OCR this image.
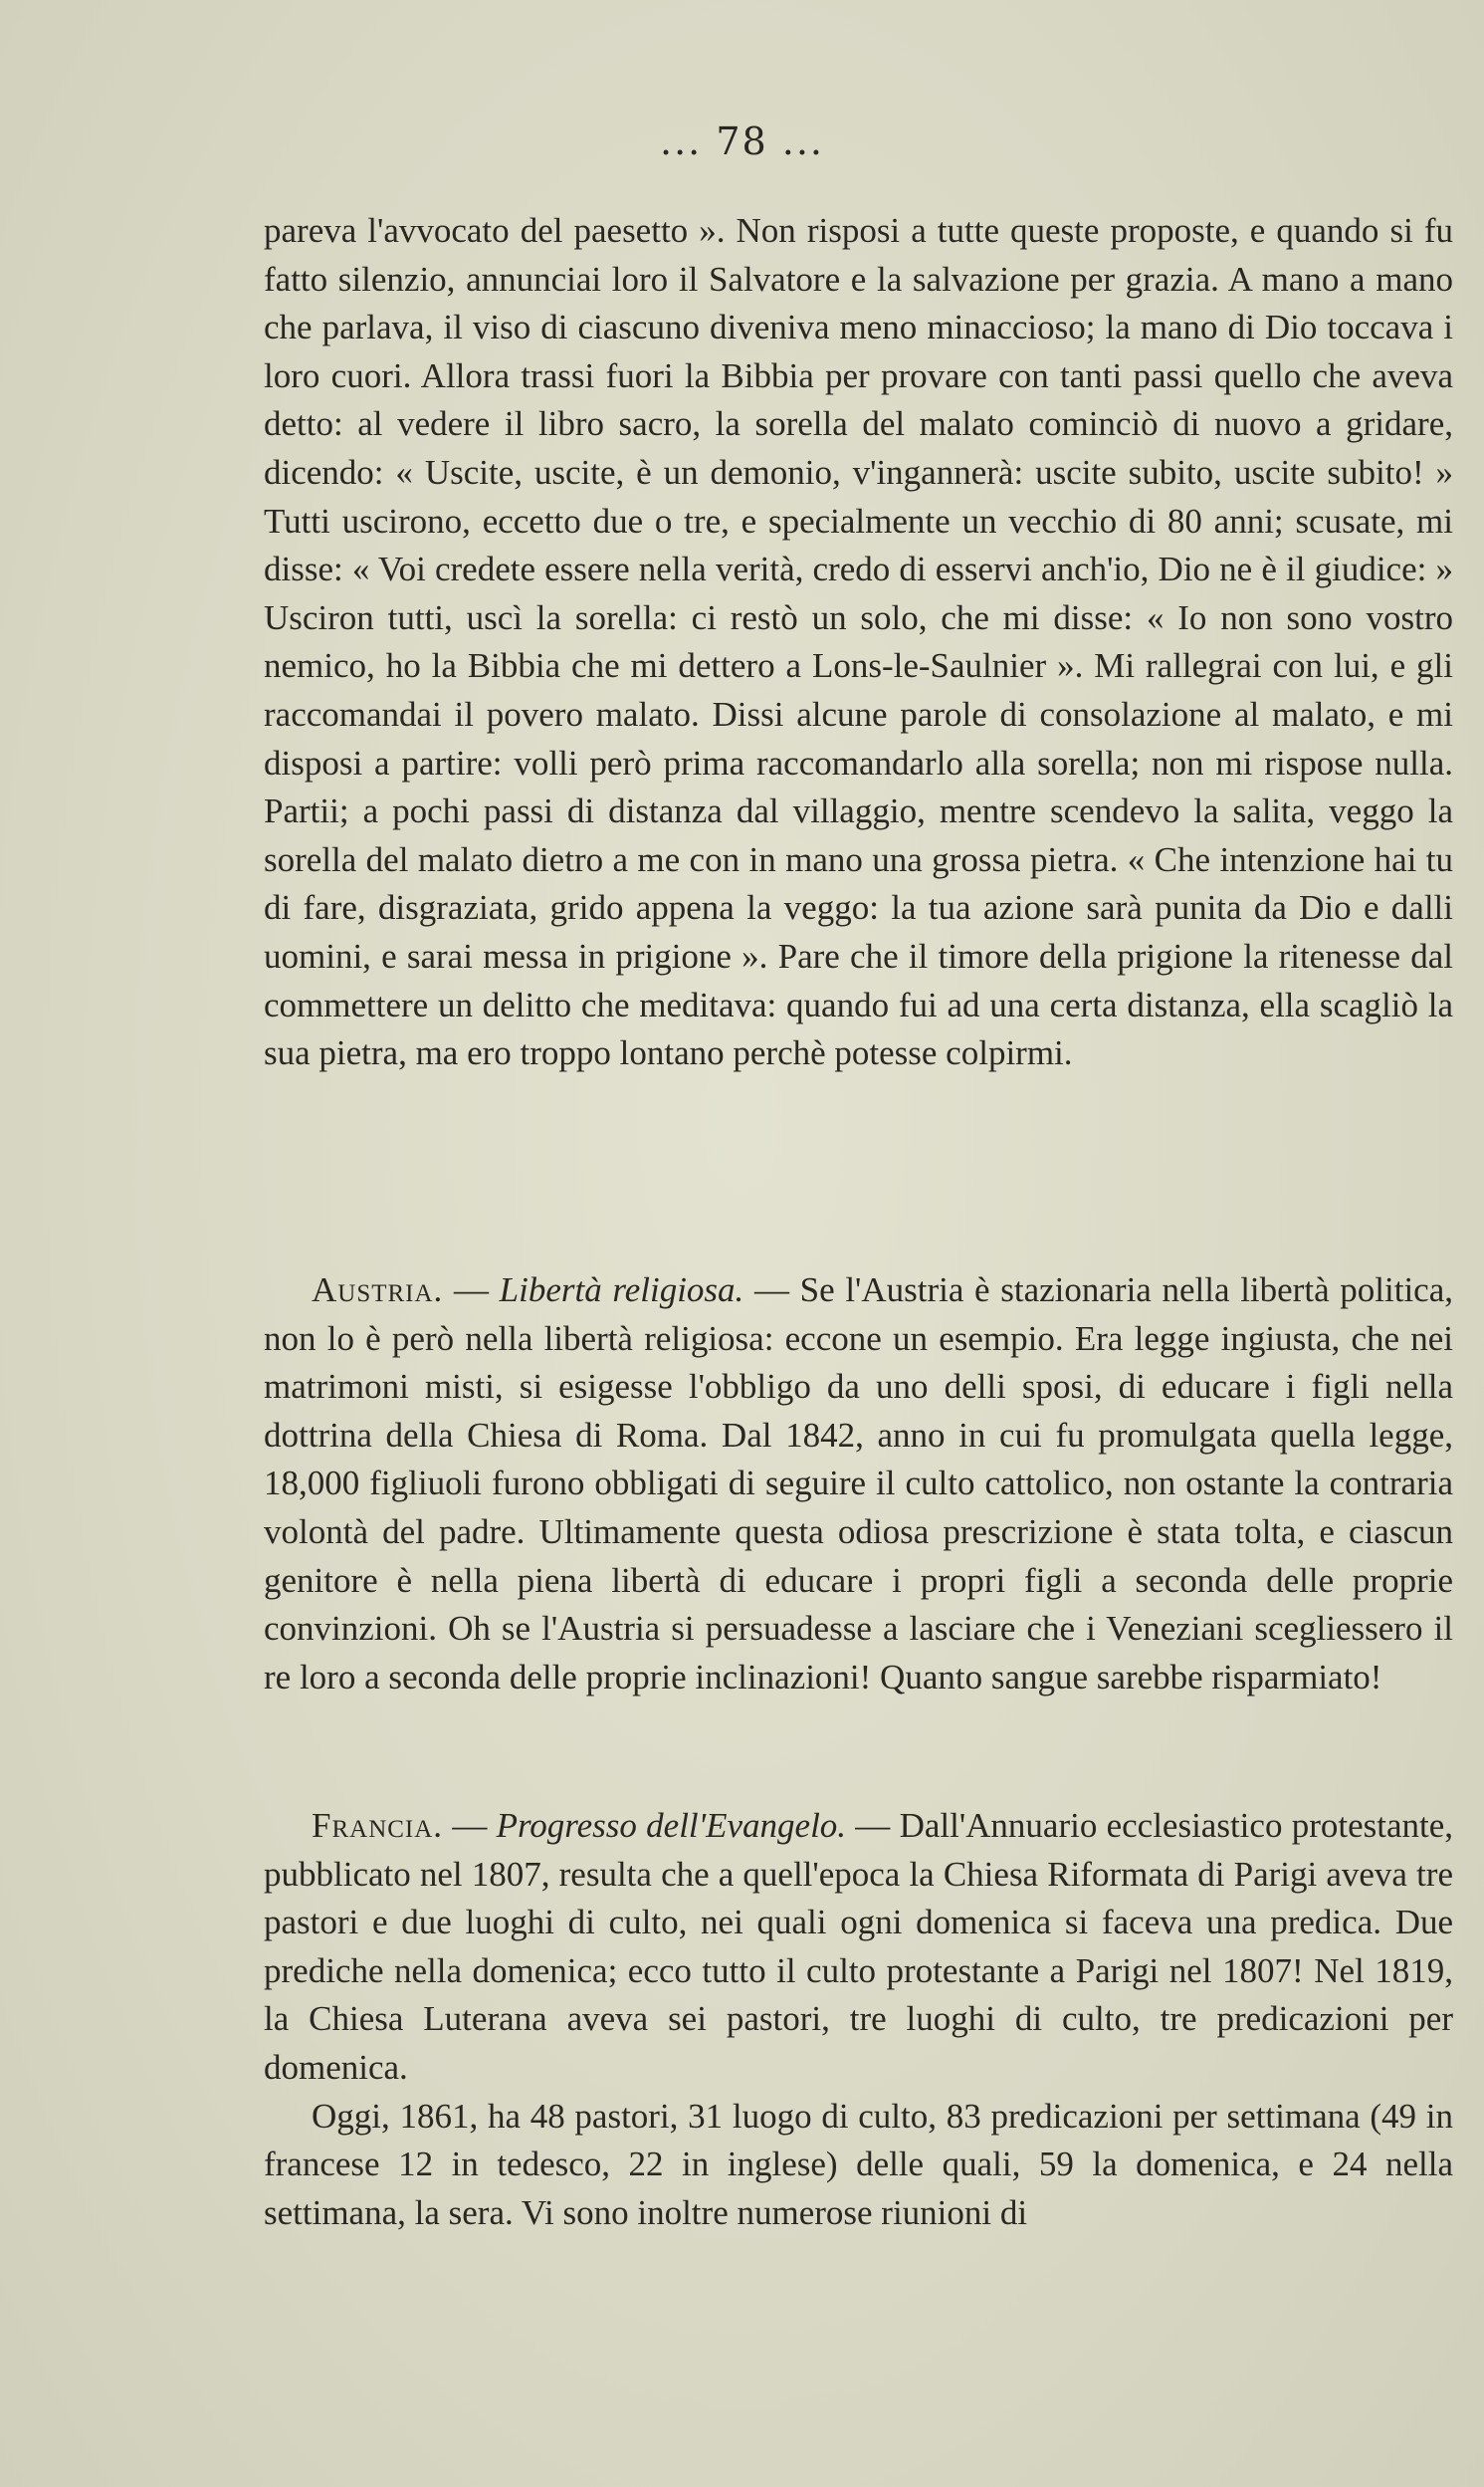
... 78 ...

pareva l'avvocato del paesetto ». Non risposi a tutte queste proposte, e quando si fu fatto silenzio, annunciai loro il Salvatore e la salvazione per grazia. A mano a mano che parlava, il viso di ciascuno diveniva meno minaccioso; la mano di Dio toccava i loro cuori. Allora trassi fuori la Bibbia per provare con tanti passi quello che aveva detto: al vedere il libro sacro, la sorella del malato cominciò di nuovo a gridare, dicendo: « Uscite, uscite, è un demonio, v'ingannerà: uscite subito, uscite subito! » Tutti uscirono, eccetto due o tre, e specialmente un vecchio di 80 anni; scusate, mi disse: « Voi credete essere nella verità, credo di esservi anch'io, Dio ne è il giudice: » Usciron tutti, uscì la sorella: ci restò un solo, che mi disse: « Io non sono vostro nemico, ho la Bibbia che mi dettero a Lons-le-Saulnier ». Mi rallegrai con lui, e gli raccomandai il povero malato. Dissi alcune parole di consolazione al malato, e mi disposi a partire: volli però prima raccomandarlo alla sorella; non mi rispose nulla. Partii; a pochi passi di distanza dal villaggio, mentre scendevo la salita, veggo la sorella del malato dietro a me con in mano una grossa pietra. « Che intenzione hai tu di fare, disgraziata, grido appena la veggo: la tua azione sarà punita da Dio e dalli uomini, e sarai messa in prigione ». Pare che il timore della prigione la ritenesse dal commettere un delitto che meditava: quando fui ad una certa distanza, ella scagliò la sua pietra, ma ero troppo lontano perchè potesse colpirmi.

Austria. — Libertà religiosa. — Se l'Austria è stazionaria nella libertà politica, non lo è però nella libertà religiosa: eccone un esempio. Era legge ingiusta, che nei matrimoni misti, si esigesse l'obbligo da uno delli sposi, di educare i figli nella dottrina della Chiesa di Roma. Dal 1842, anno in cui fu promulgata quella legge, 18,000 figliuoli furono obbligati di seguire il culto cattolico, non ostante la contraria volontà del padre. Ultimamente questa odiosa prescrizione è stata tolta, e ciascun genitore è nella piena libertà di educare i propri figli a seconda delle proprie convinzioni. Oh se l'Austria si persuadesse a lasciare che i Veneziani scegliessero il re loro a seconda delle proprie inclinazioni! Quanto sangue sarebbe risparmiato!

Francia. — Progresso dell'Evangelo. — Dall'Annuario ecclesiastico protestante, pubblicato nel 1807, resulta che a quell'epoca la Chiesa Riformata di Parigi aveva tre pastori e due luoghi di culto, nei quali ogni domenica si faceva una predica. Due prediche nella domenica; ecco tutto il culto protestante a Parigi nel 1807! Nel 1819, la Chiesa Luterana aveva sei pastori, tre luoghi di culto, tre predicazioni per domenica.

Oggi, 1861, ha 48 pastori, 31 luogo di culto, 83 predicazioni per settimana (49 in francese 12 in tedesco, 22 in inglese) delle quali, 59 la domenica, e 24 nella settimana, la sera. Vi sono inoltre numerose riunioni di
